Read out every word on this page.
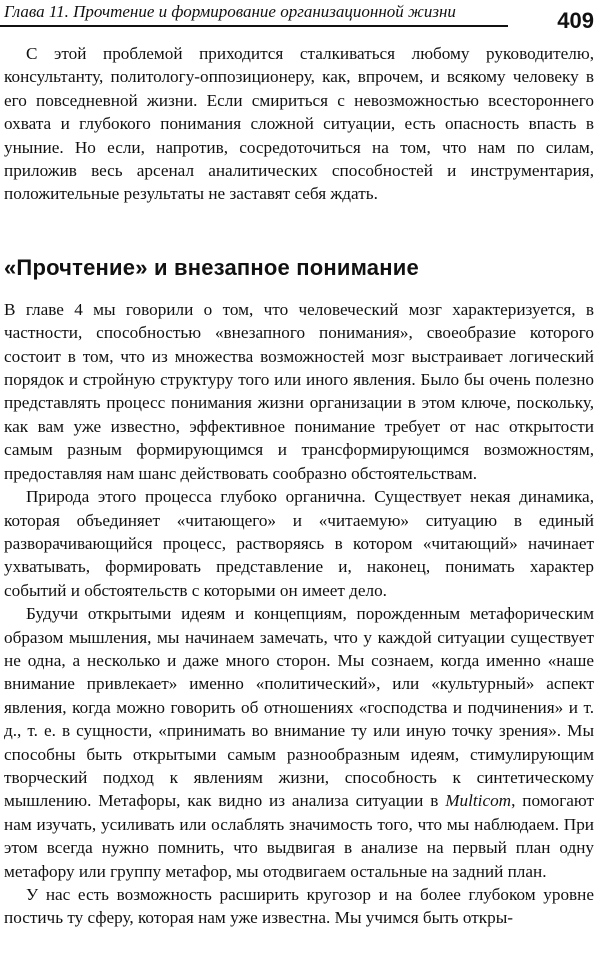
Глава 11. Прочтение и формирование организационной жизни	409

С этой проблемой приходится сталкиваться любому руководителю, консультанту, политологу-оппозиционеру, как, впрочем, и всякому человеку в его повседневной жизни. Если смириться с невозможностью всестороннего охвата и глубокого понимания сложной ситуации, есть опасность впасть в уныние. Но если, напротив, сосредоточиться на том, что нам по силам, приложив весь арсенал аналитических способностей и инструментария, положительные результаты не заставят себя ждать.

«Прочтение» и внезапное понимание

В главе 4 мы говорили о том, что человеческий мозг характеризуется, в частности, способностью «внезапного понимания», своеобразие которого состоит в том, что из множества возможностей мозг выстраивает логический порядок и стройную структуру того или иного явления. Было бы очень полезно представлять процесс понимания жизни организации в этом ключе, поскольку, как вам уже известно, эффективное понимание требует от нас открытости самым разным формирующимся и трансформирующимся возможностям, предоставляя нам шанс действовать сообразно обстоятельствам.

Природа этого процесса глубоко органична. Существует некая динамика, которая объединяет «читающего» и «читаемую» ситуацию в единый разворачивающийся процесс, растворяясь в котором «читающий» начинает ухватывать, формировать представление и, наконец, понимать характер событий и обстоятельств с которыми он имеет дело.

Будучи открытыми идеям и концепциям, порожденным метафорическим образом мышления, мы начинаем замечать, что у каждой ситуации существует не одна, а несколько и даже много сторон. Мы сознаем, когда именно «наше внимание привлекает» именно «политический», или «культурный» аспект явления, когда можно говорить об отношениях «господства и подчинения» и т. д., т. е. в сущности, «принимать во внимание ту или иную точку зрения». Мы способны быть открытыми самым разнообразным идеям, стимулирующим творческий подход к явлениям жизни, способность к синтетическому мышлению. Метафоры, как видно из анализа ситуации в Multicom, помогают нам изучать, усиливать или ослаблять значимость того, что мы наблюдаем. При этом всегда нужно помнить, что выдвигая в анализе на первый план одну метафору или группу метафор, мы отодвигаем остальные на задний план.

У нас есть возможность расширить кругозор и на более глубоком уровне постичь ту сферу, которая нам уже известна. Мы учимся быть откры-
